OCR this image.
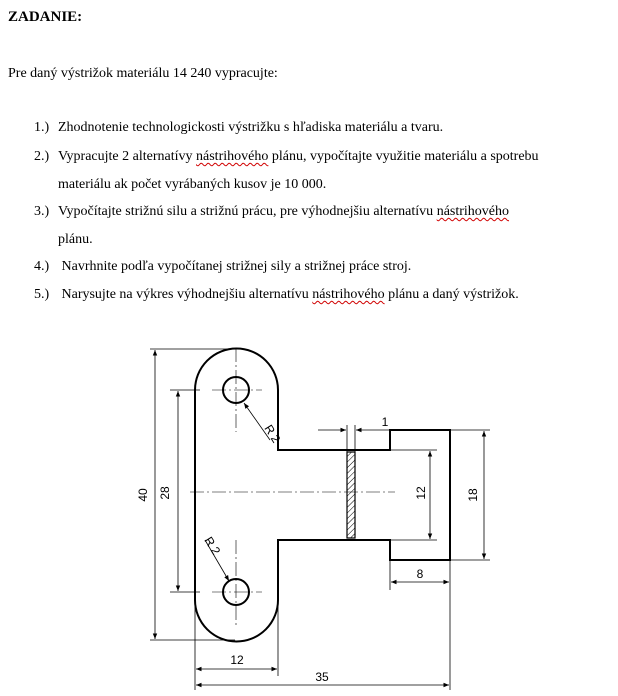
ZADANIE:
Pre daný výstrižok materiálu 14 240 vypracujte:
1.) Zhodnotenie technologickosti výstrižku s hľadiska materiálu a tvaru.
2.) Vypracujte 2 alternatívy nástrihového plánu, vypočítajte využitie materiálu a spotrebu
materiálu ak počet vyrábaných kusov je 10 000.
3.) Vypočítajte strižnú silu a strižnú prácu, pre výhodnejšiu alternatívu nástrihového
plánu.
4.) Navrhnite podľa vypočítanej strižnej sily a strižnej práce stroj.
5.) Narysujte na výkres výhodnejšiu alternatívu nástrihového plánu a daný výstrižok.
40 28
R 2
R 2
1
12	18
8
12
35
